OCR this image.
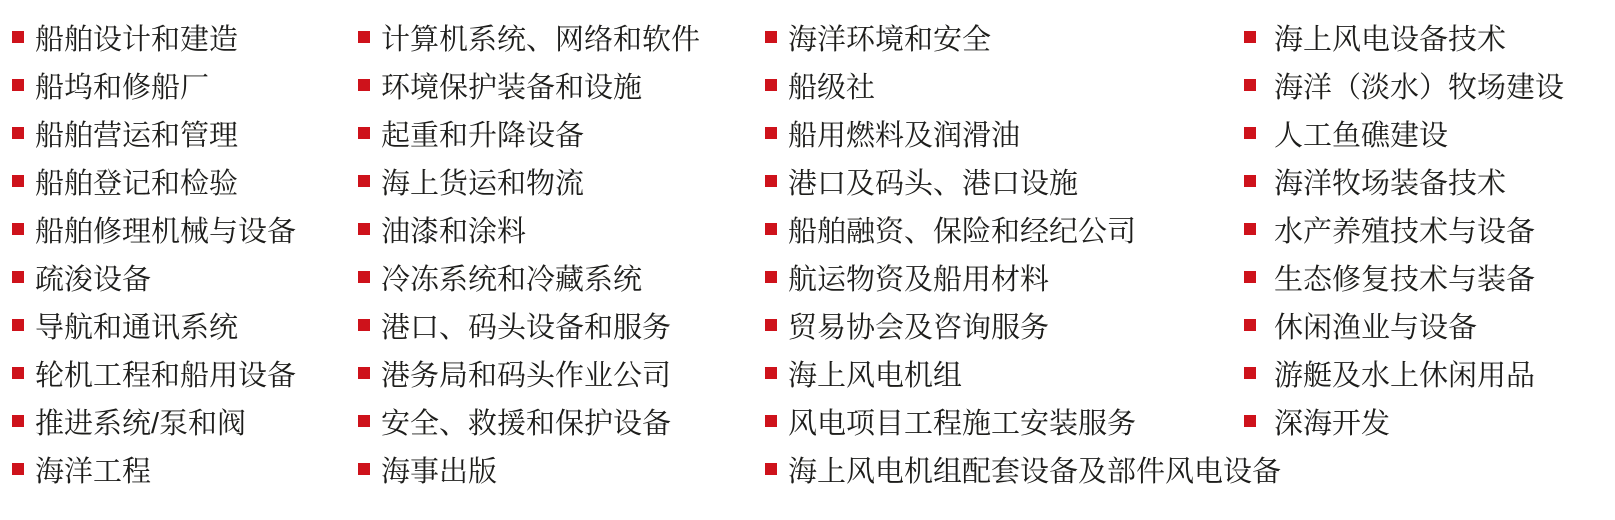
船舶设计和建造
船坞和修船厂
船舶营运和管理
船舶登记和检验
船舶修理机械与设备
疏浚设备
导航和通讯系统
轮机工程和船用设备
推进系统/泵和阀
海洋工程
计算机系统、网络和软件
环境保护装备和设施
起重和升降设备
海上货运和物流
油漆和涂料
冷冻系统和冷藏系统
港口、码头设备和服务
港务局和码头作业公司
安全、救援和保护设备
海事出版
海洋环境和安全
船级社
船用燃料及润滑油
港口及码头、港口设施
船舶融资、保险和经纪公司
航运物资及船用材料
贸易协会及咨询服务
海上风电机组
风电项目工程施工安装服务
海上风电机组配套设备及部件风电设备
海上风电设备技术
海洋（淡水）牧场建设
人工鱼礁建设
海洋牧场装备技术
水产养殖技术与设备
生态修复技术与装备
休闲渔业与设备
游艇及水上休闲用品
深海开发
